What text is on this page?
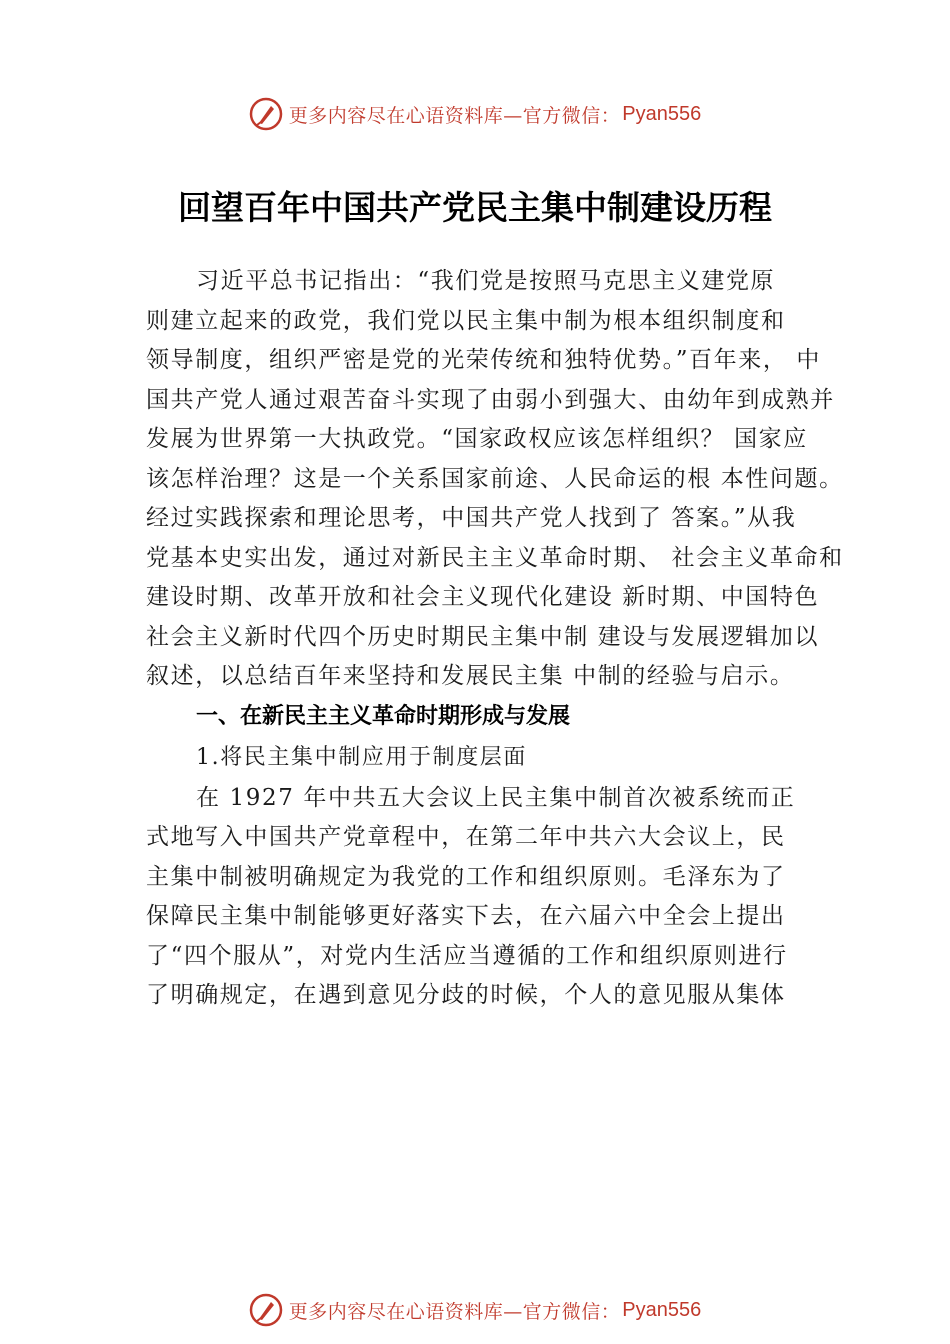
更多内容尽在心语资料库—官方微信： Pyan556
回望百年中国共产党民主集中制建设历程
习近平总书记指出：“我们党是按照马克思主义建党原
则建立起来的政党，我们党以民主集中制为根本组织制度和
领导制度，组织严密是党的光荣传统和独特优势。”百年来， 中
国共产党人通过艰苦奋斗实现了由弱小到强大、由幼年到成熟并
发展为世界第一大执政党。“国家政权应该怎样组织？ 国家应
该怎样治理？这是一个关系国家前途、人民命运的根 本性问题。
经过实践探索和理论思考，中国共产党人找到了 答案。”从我
党基本史实出发，通过对新民主主义革命时期、 社会主义革命和
建设时期、改革开放和社会主义现代化建设 新时期、中国特色
社会主义新时代四个历史时期民主集中制 建设与发展逻辑加以
叙述，以总结百年来坚持和发展民主集 中制的经验与启示。
一、在新民主主义革命时期形成与发展
1.将民主集中制应用于制度层面
在 1927 年中共五大会议上民主集中制首次被系统而正
式地写入中国共产党章程中，在第二年中共六大会议上，民
主集中制被明确规定为我党的工作和组织原则。毛泽东为了
保障民主集中制能够更好落实下去，在六届六中全会上提出
了“四个服从”，对党内生活应当遵循的工作和组织原则进行
了明确规定，在遇到意见分歧的时候，个人的意见服从集体
更多内容尽在心语资料库—官方微信： Pyan556
